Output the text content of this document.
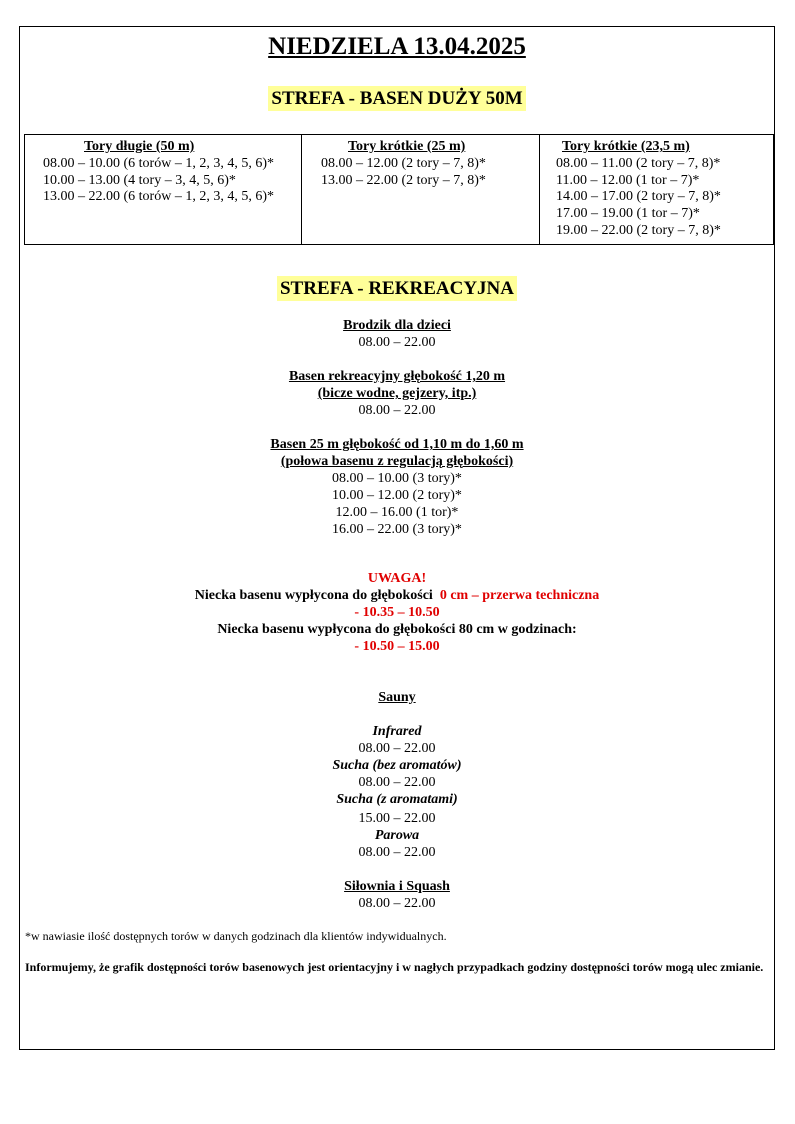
NIEDZIELA 13.04.2025
STREFA - BASEN DUŻY 50M
Tory długie (50 m)
08.00 – 10.00 (6 torów – 1, 2, 3, 4, 5, 6)*
10.00 – 13.00 (4 tory – 3, 4, 5, 6)*
13.00 – 22.00 (6 torów – 1, 2, 3, 4, 5, 6)*
Tory krótkie (25 m)
08.00 – 12.00 (2 tory – 7, 8)*
13.00 – 22.00 (2 tory – 7, 8)*
Tory krótkie (23,5 m)
08.00 – 11.00 (2 tory – 7, 8)*
11.00 – 12.00 (1 tor – 7)*
14.00 – 17.00 (2 tory – 7, 8)*
17.00 – 19.00 (1 tor – 7)*
19.00 – 22.00 (2 tory – 7, 8)*
STREFA - REKREACYJNA
Brodzik dla dzieci
08.00 – 22.00
Basen rekreacyjny głębokość 1,20 m
(bicze wodne, gejzery, itp.)
08.00 – 22.00
Basen 25 m głębokość od 1,10 m do 1,60 m
(połowa basenu z regulacją głębokości)
08.00 – 10.00 (3 tory)*
10.00 – 12.00 (2 tory)*
12.00 – 16.00 (1 tor)*
16.00 – 22.00 (3 tory)*
UWAGA!
Niecka basenu wypłycona do głębokości 0 cm – przerwa techniczna
- 10.35 – 10.50
Niecka basenu wypłycona do głębokości 80 cm w godzinach:
- 10.50 – 15.00
Sauny
Infrared
08.00 – 22.00
Sucha (bez aromatów)
08.00 – 22.00
Sucha (z aromatami)
15.00 – 22.00
Parowa
08.00 – 22.00
Siłownia i Squash
08.00 – 22.00
*w nawiasie ilość dostępnych torów w danych godzinach dla klientów indywidualnych.
Informujemy, że grafik dostępności torów basenowych jest orientacyjny i w nagłych przypadkach godziny dostępności torów mogą ulec zmianie.
